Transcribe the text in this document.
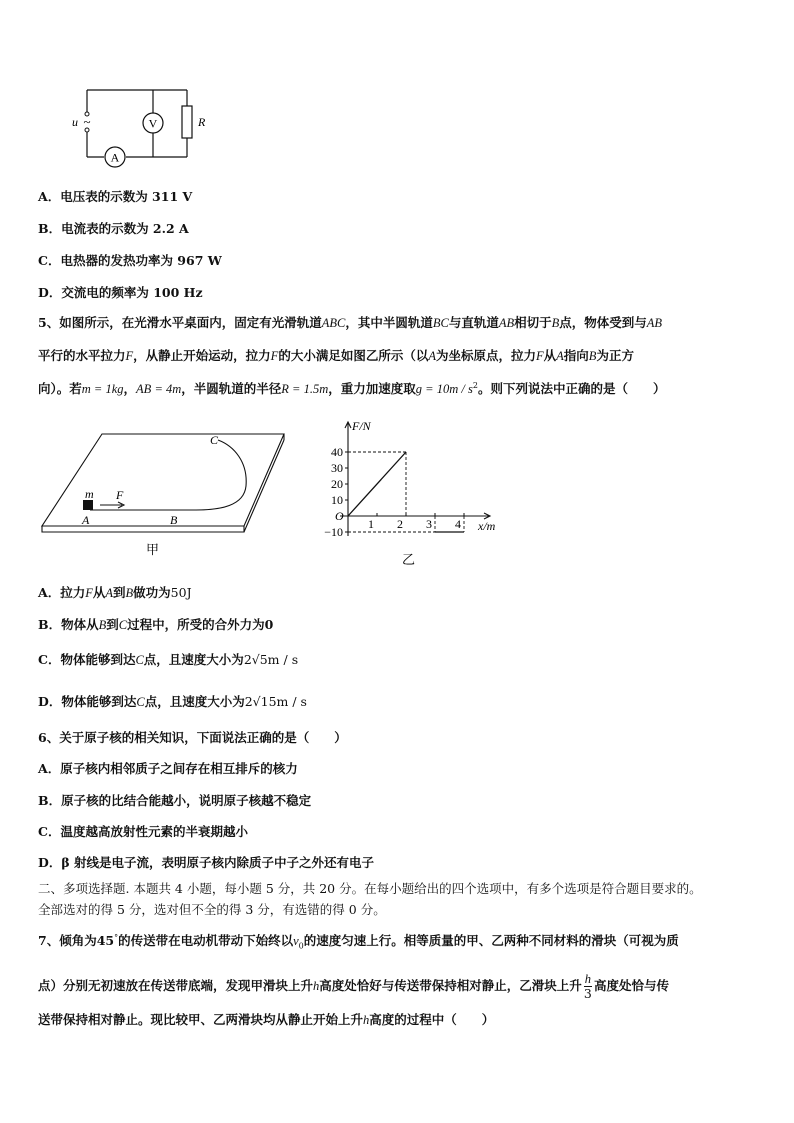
V
A
~
u	R
A．电压表的示数为 311 V
B．电流表的示数为 2.2 A
C．电热器的发热功率为 967 W
D．交流电的频率为 100 Hz
5、如图所示，在光滑水平桌面内，固定有光滑轨道ABC，其中半圆轨道BC与直轨道AB相切于B点，物体受到与AB
平行的水平拉力F，从静止开始运动，拉力F的大小满足如图乙所示（以A为坐标原点，拉力F从A指向B为正方
向）。若m = 1kg，AB = 4m，半圆轨道的半径R = 1.5m，重力加速度取$g = 10m / s^2$。则下列说法中正确的是（　　）
C
m F
A	B
甲
F/N
x/m
O
40
30
20
10
−10
1 2 3 4
乙
A．拉力F从A到B做功为50J
B．物体从B到C过程中，所受的合外力为0
C．物体能够到达C点，且速度大小为2√5m / s
D．物体能够到达C点，且速度大小为2√15m / s
6、关于原子核的相关知识，下面说法正确的是（　　）
A．原子核内相邻质子之间存在相互排斥的核力
B．原子核的比结合能越小，说明原子核越不稳定
C．温度越高放射性元素的半衰期越小
D．β 射线是电子流，表明原子核内除质子中子之外还有电子
二、多项选择题. 本题共 4 小题，每小题 5 分，共 20 分。在每小题给出的四个选项中，有多个选项是符合题目要求的。
全部选对的得 5 分，选对但不全的得 3 分，有选错的得 0 分。
7、倾角为45°的传送带在电动机带动下始终以$v_0$的速度匀速上行。相等质量的甲、乙两种不同材料的滑块（可视为质
点）分别无初速放在传送带底端，发现甲滑块上升h高度处恰好与传送带保持相对静止，乙滑块上升 $\frac{h}{3}$ 高度处恰与传
送带保持相对静止。现比较甲、乙两滑块均从静止开始上升h高度的过程中（　　）
